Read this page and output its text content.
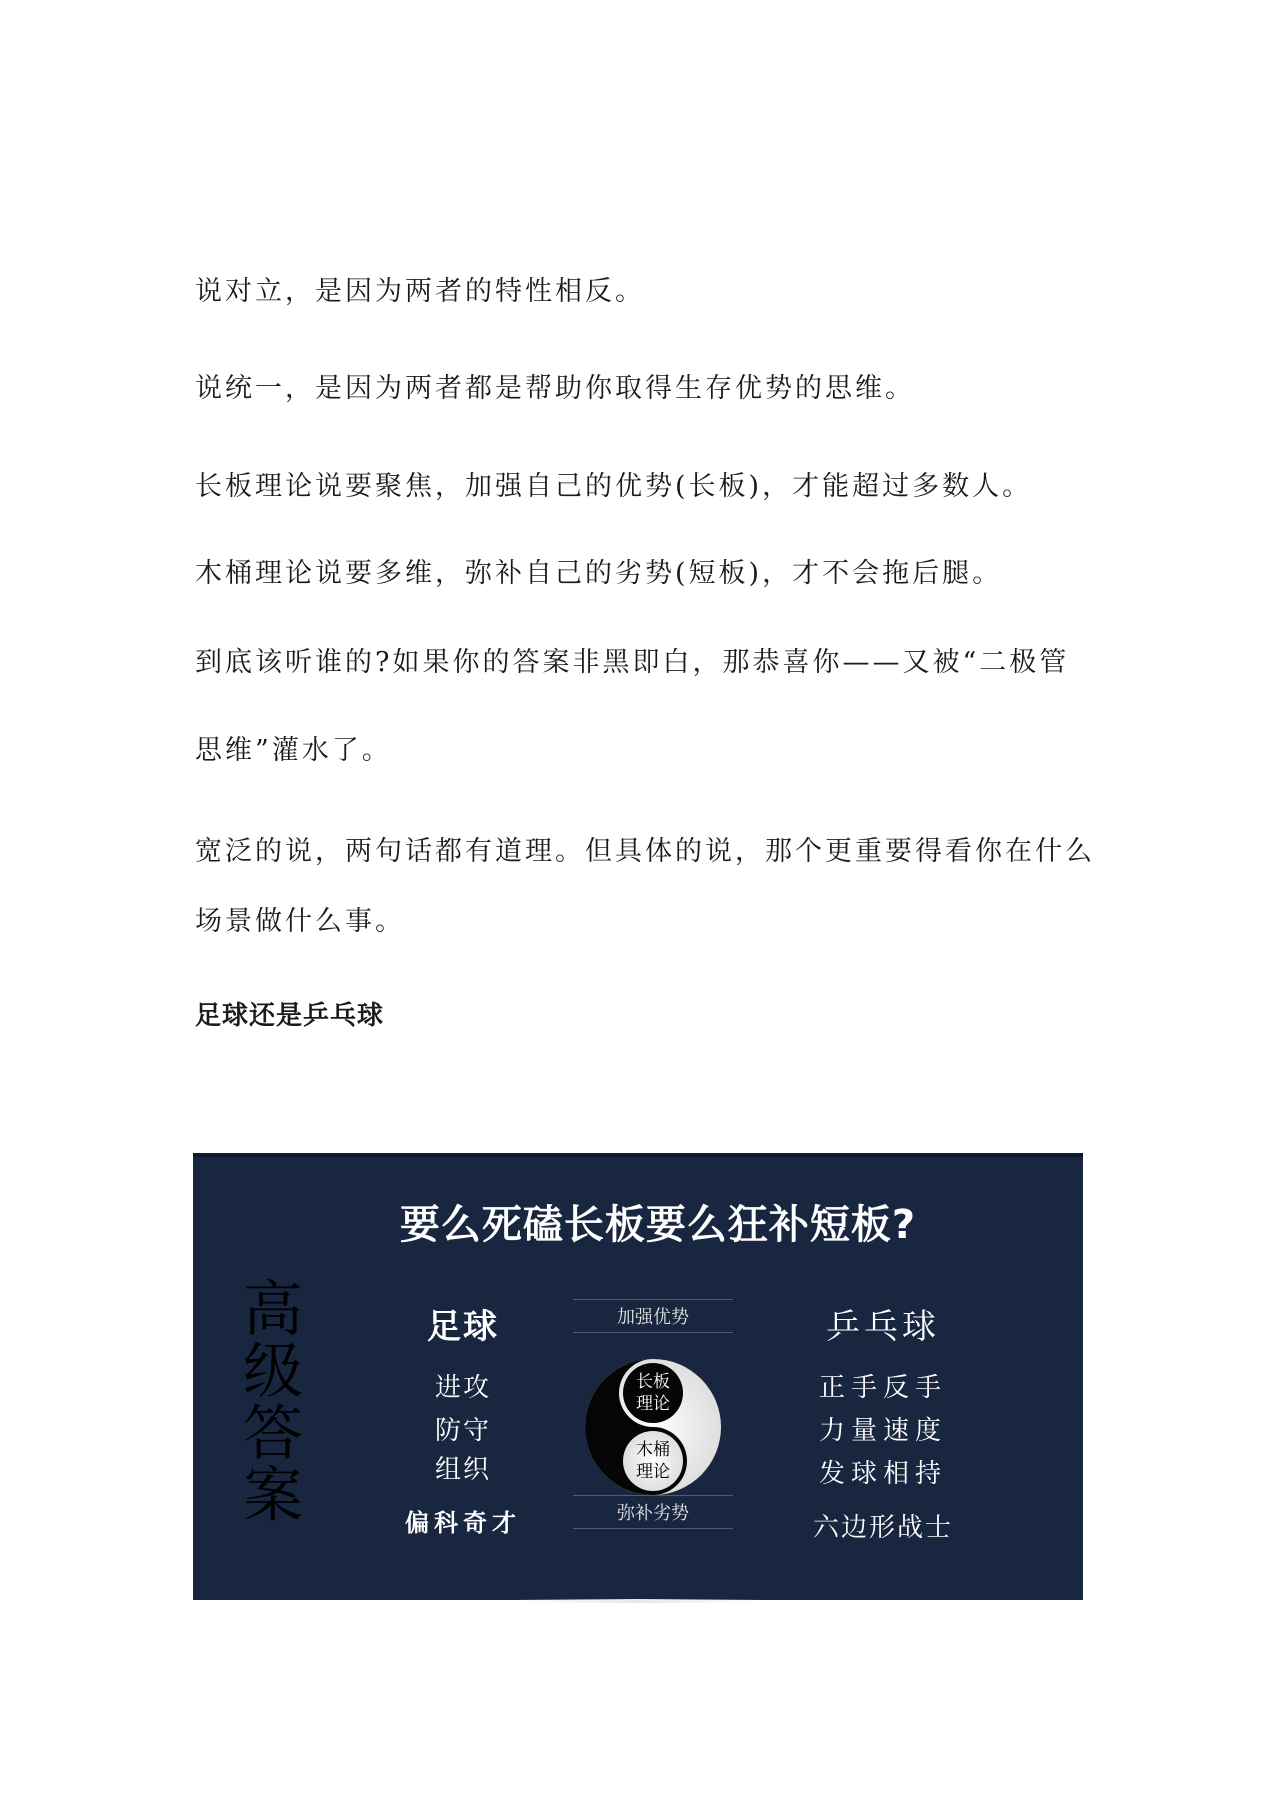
说对立，是因为两者的特性相反。

说统一，是因为两者都是帮助你取得生存优势的思维。

长板理论说要聚焦，加强自己的优势(长板)，才能超过多数人。

木桶理论说要多维，弥补自己的劣势(短板)，才不会拖后腿。

到底该听谁的?如果你的答案非黑即白，那恭喜你——又被“二极管

思维”灌水了。

宽泛的说，两句话都有道理。但具体的说，那个更重要得看你在什么

场景做什么事。

足球还是乒乓球
要么死磕长板要么狂补短板?
高级答案
足球
进攻
防守
组织
偏科奇才
加强优势
长板
理论
木桶
理论
弥补劣势
乒乓球
正手反手
力量速度
发球相持
六边形战士
